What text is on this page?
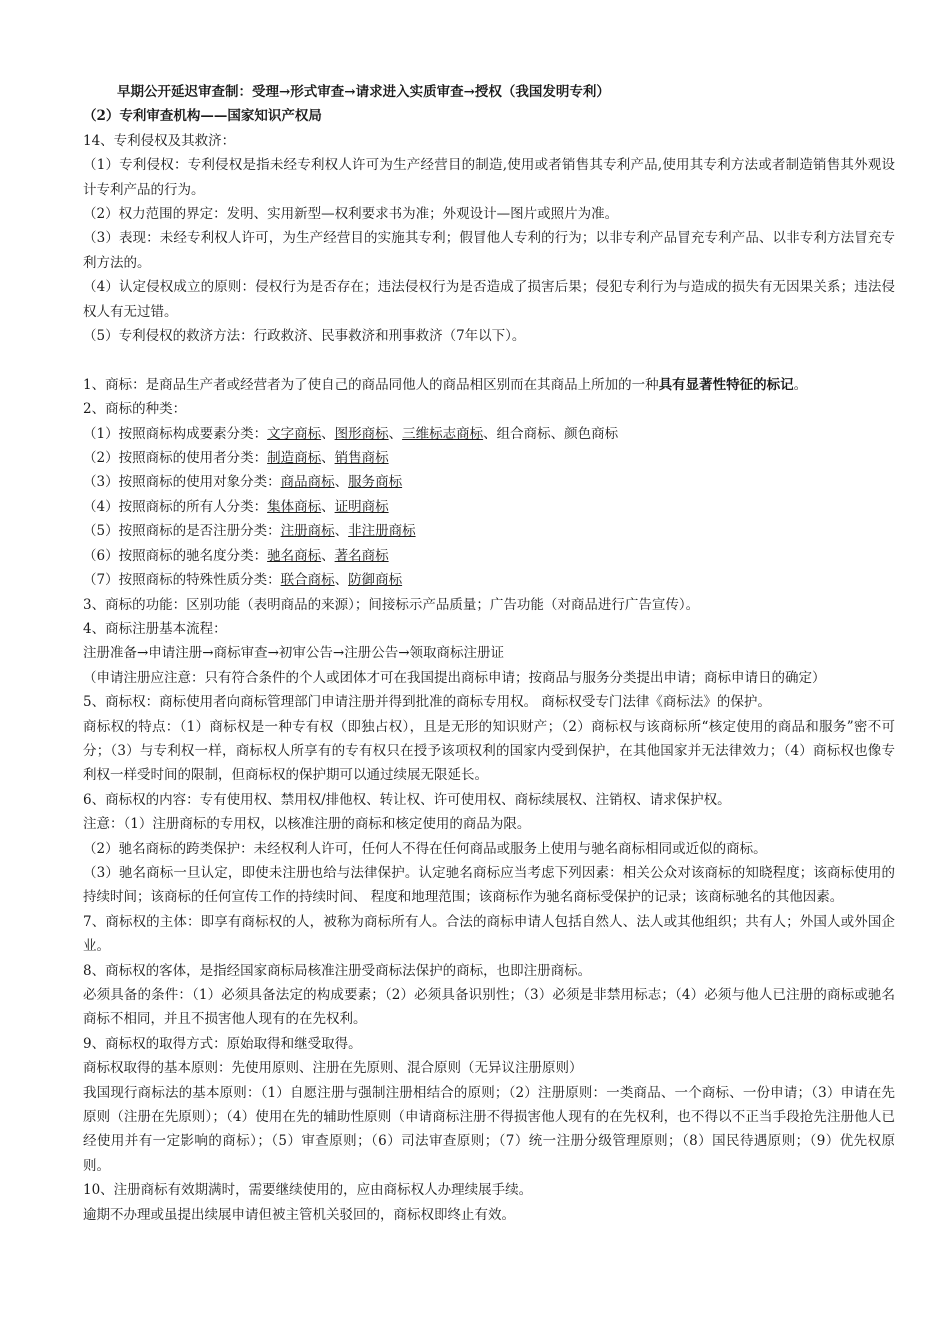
早期公开延迟审查制：受理→形式审查→请求进入实质审查→授权（我国发明专利）

（2）专利审查机构——国家知识产权局

14、专利侵权及其救济：

（1）专利侵权：专利侵权是指未经专利权人许可为生产经营目的制造,使用或者销售其专利产品,使用其专利方法或者制造销售其外观设计专利产品的行为。

（2）权力范围的界定：发明、实用新型—权利要求书为准；外观设计—图片或照片为准。

（3）表现：未经专利权人许可，为生产经营目的实施其专利；假冒他人专利的行为；以非专利产品冒充专利产品、以非专利方法冒充专利方法的。

（4）认定侵权成立的原则：侵权行为是否存在；违法侵权行为是否造成了损害后果；侵犯专利行为与造成的损失有无因果关系；违法侵权人有无过错。

（5）专利侵权的救济方法：行政救济、民事救济和刑事救济（7年以下）。

1、商标：是商品生产者或经营者为了使自己的商品同他人的商品相区别而在其商品上所加的一种具有显著性特征的标记。

2、商标的种类：

（1）按照商标构成要素分类：文字商标、图形商标、三维标志商标、组合商标、颜色商标

（2）按照商标的使用者分类：制造商标、销售商标

（3）按照商标的使用对象分类：商品商标、服务商标

（4）按照商标的所有人分类：集体商标、证明商标

（5）按照商标的是否注册分类：注册商标、非注册商标

（6）按照商标的驰名度分类：驰名商标、著名商标

（7）按照商标的特殊性质分类：联合商标、防御商标

3、商标的功能：区别功能（表明商品的来源）；间接标示产品质量；广告功能（对商品进行广告宣传）。

4、商标注册基本流程：

注册准备→申请注册→商标审查→初审公告→注册公告→领取商标注册证

（申请注册应注意：只有符合条件的个人或团体才可在我国提出商标申请；按商品与服务分类提出申请；商标申请日的确定）

5、商标权：商标使用者向商标管理部门申请注册并得到批准的商标专用权。 商标权受专门法律《商标法》的保护。

商标权的特点：（1）商标权是一种专有权（即独占权），且是无形的知识财产；（2）商标权与该商标所“核定使用的商品和服务”密不可分；（3）与专利权一样，商标权人所享有的专有权只在授予该项权利的国家内受到保护，在其他国家并无法律效力；（4）商标权也像专利权一样受时间的限制，但商标权的保护期可以通过续展无限延长。

6、商标权的内容：专有使用权、禁用权/排他权、转让权、许可使用权、商标续展权、注销权、请求保护权。

注意：（1）注册商标的专用权，以核准注册的商标和核定使用的商品为限。

（2）驰名商标的跨类保护：未经权利人许可，任何人不得在任何商品或服务上使用与驰名商标相同或近似的商标。

（3）驰名商标一旦认定，即使未注册也给与法律保护。认定驰名商标应当考虑下列因素：相关公众对该商标的知晓程度；该商标使用的持续时间；该商标的任何宣传工作的持续时间、 程度和地理范围；该商标作为驰名商标受保护的记录；该商标驰名的其他因素。

7、商标权的主体：即享有商标权的人，被称为商标所有人。合法的商标申请人包括自然人、法人或其他组织；共有人；外国人或外国企业。

8、商标权的客体，是指经国家商标局核准注册受商标法保护的商标，也即注册商标。

必须具备的条件：（1）必须具备法定的构成要素；（2）必须具备识别性；（3）必须是非禁用标志；（4）必须与他人已注册的商标或驰名商标不相同，并且不损害他人现有的在先权利。

9、商标权的取得方式：原始取得和继受取得。

商标权取得的基本原则：先使用原则、注册在先原则、混合原则（无异议注册原则）

我国现行商标法的基本原则：（1）自愿注册与强制注册相结合的原则；（2）注册原则：一类商品、一个商标、一份申请；（3）申请在先原则（注册在先原则）；（4）使用在先的辅助性原则（申请商标注册不得损害他人现有的在先权利，也不得以不正当手段抢先注册他人已经使用并有一定影响的商标）；（5）审查原则；（6）司法审查原则；（7）统一注册分级管理原则；（8）国民待遇原则；（9）优先权原则。

10、注册商标有效期满时，需要继续使用的，应由商标权人办理续展手续。

逾期不办理或虽提出续展申请但被主管机关驳回的，商标权即终止有效。
